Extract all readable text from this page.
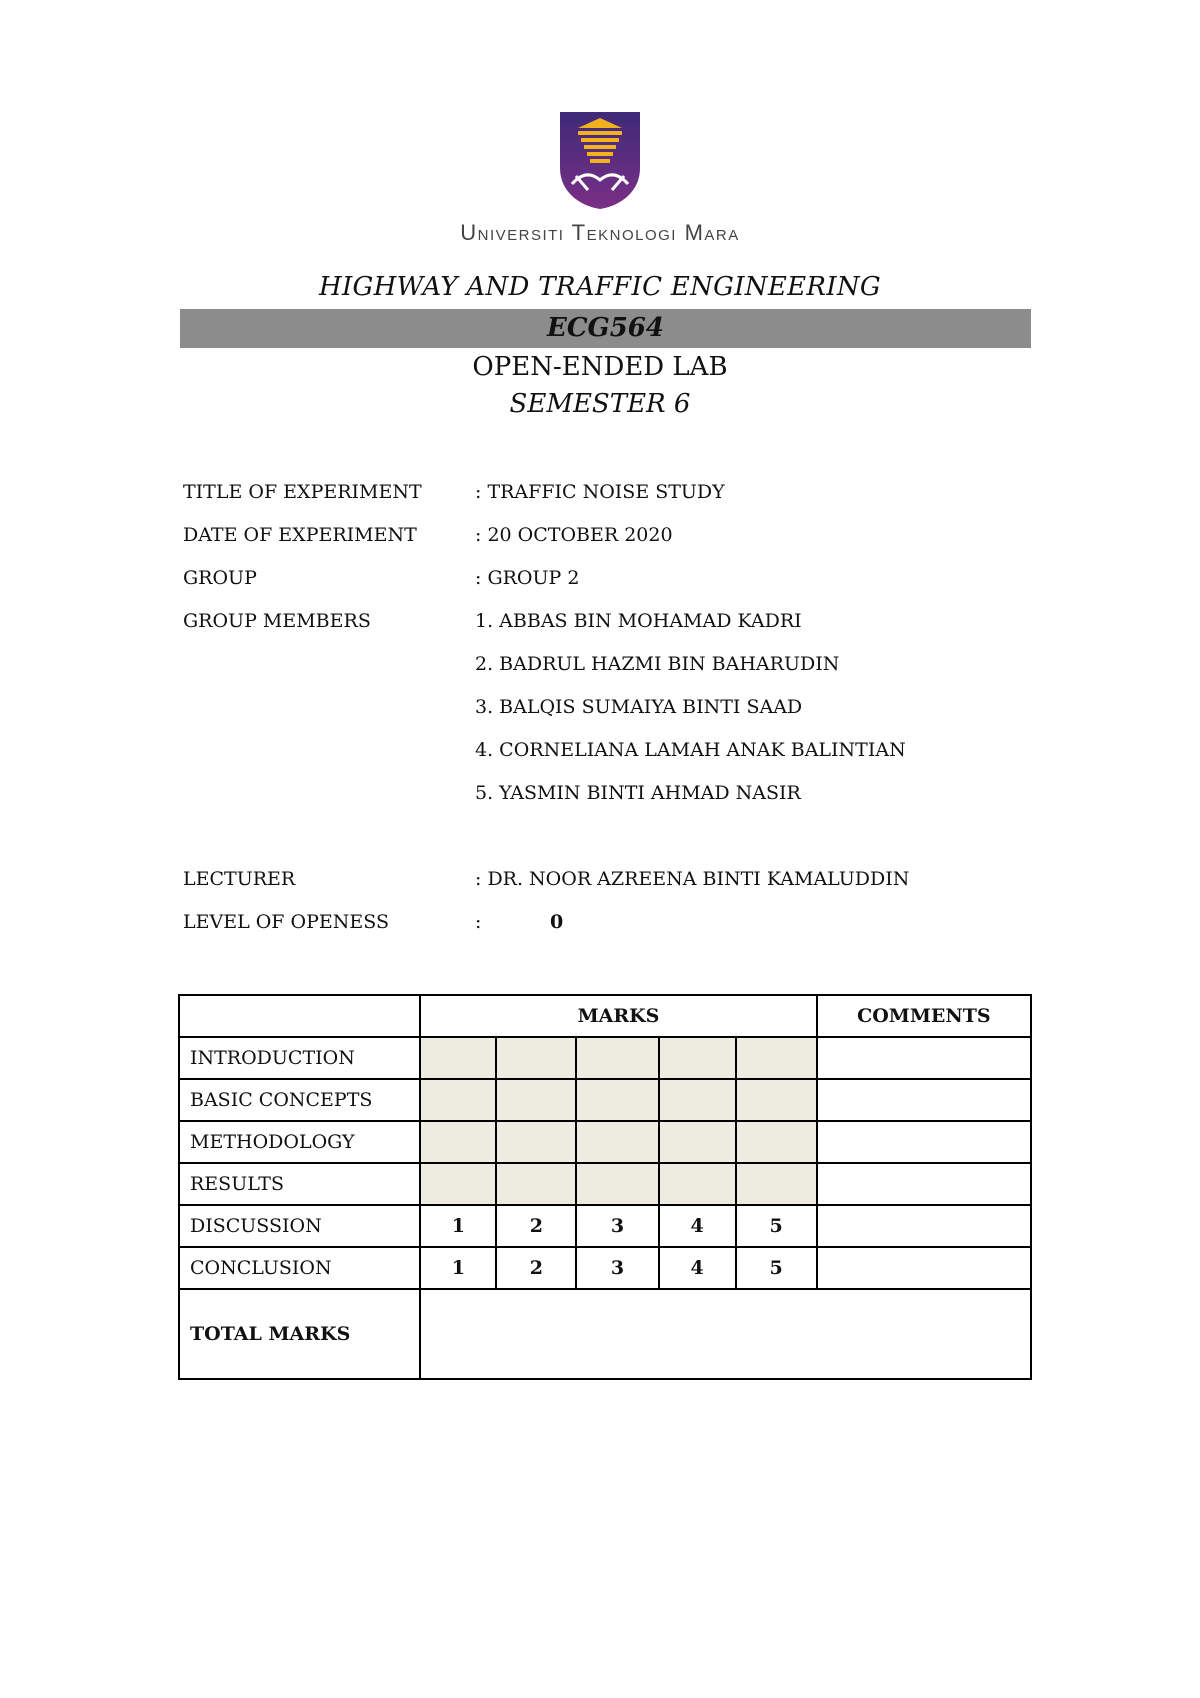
Universiti Teknologi Mara
HIGHWAY AND TRAFFIC ENGINEERING
ECG564
OPEN-ENDED LAB
SEMESTER 6
TITLE OF EXPERIMENT	: TRAFFIC NOISE STUDY
DATE OF EXPERIMENT	: 20 OCTOBER 2020
GROUP	: GROUP 2
GROUP MEMBERS	1. ABBAS BIN MOHAMAD KADRI
2. BADRUL HAZMI BIN BAHARUDIN
3. BALQIS SUMAIYA BINTI SAAD
4. CORNELIANA LAMAH ANAK BALINTIAN
5. YASMIN BINTI AHMAD NASIR
LECTURER	: DR. NOOR AZREENA BINTI KAMALUDDIN
LEVEL OF OPENESS	:	0
	MARKS					COMMENTS
INTRODUCTION						
BASIC CONCEPTS						
METHODOLOGY						
RESULTS						
DISCUSSION	1	2	3	4	5	
CONCLUSION	1	2	3	4	5	
TOTAL MARKS						
